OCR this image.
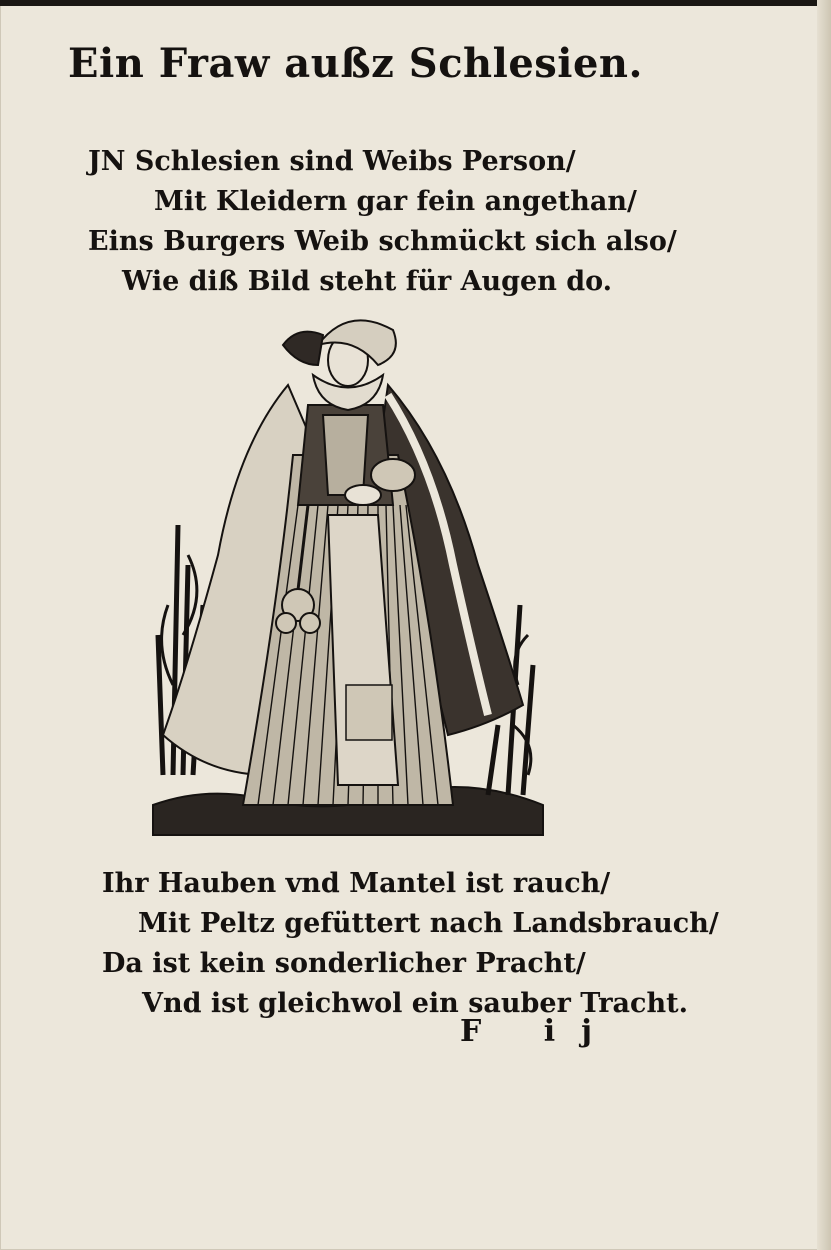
Ein Fraw außz Schlesien.
JN Schlesien sind Weibs Person/
Mit Kleidern gar fein angethan/
Eins Burgers Weib schmückt sich also/
Wie diß Bild steht für Augen do.
Ihr Hauben vnd Mantel ist rauch/
Mit Peltz gefüttert nach Landsbrauch/
Da ist kein sonderlicher Pracht/
Vnd ist gleichwol ein sauber Tracht.
F ij
